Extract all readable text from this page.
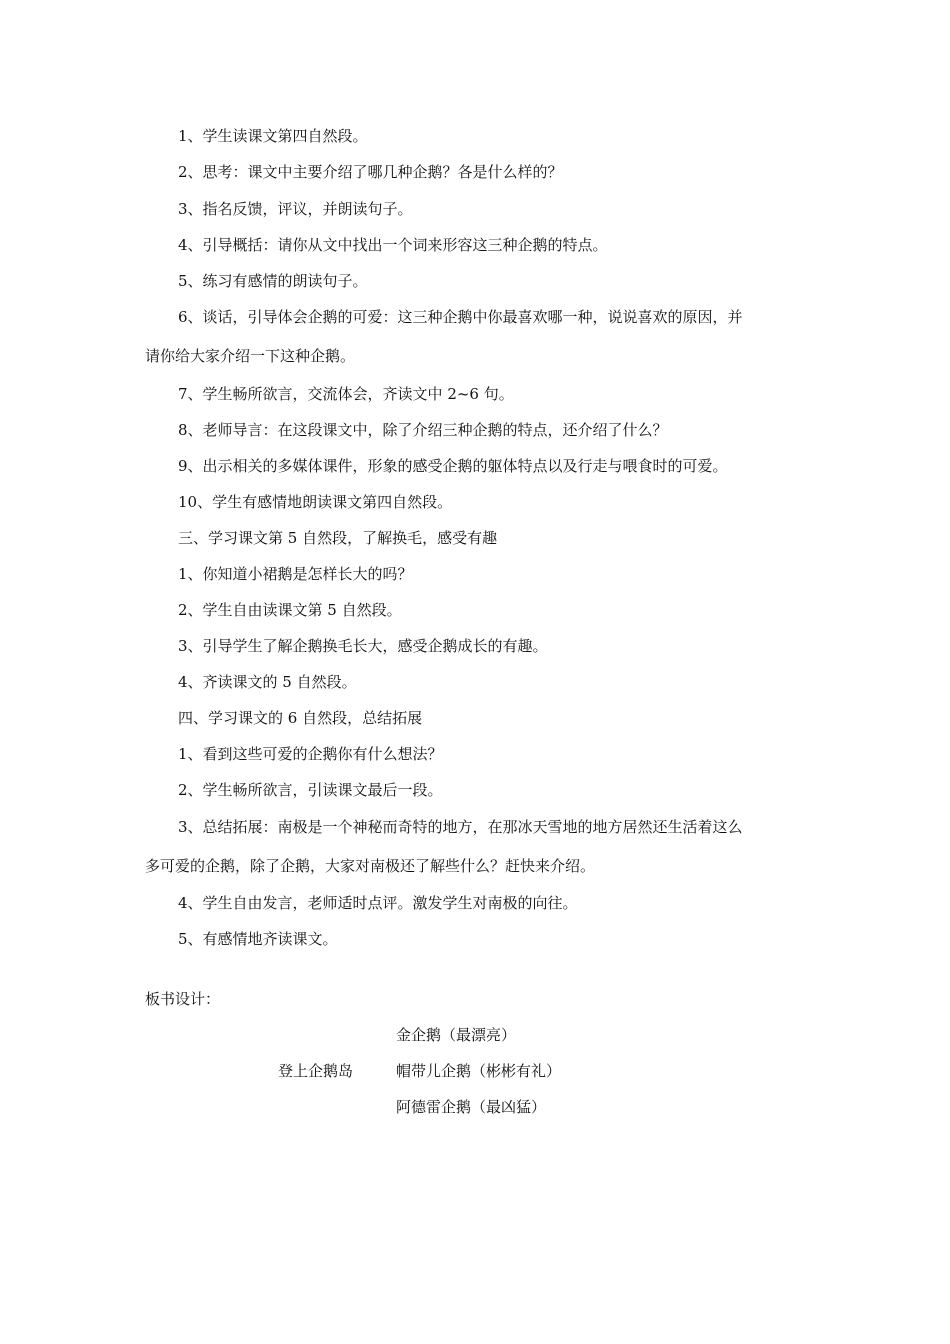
1、学生读课文第四自然段。
2、思考：课文中主要介绍了哪几种企鹅？各是什么样的？
3、指名反馈，评议，并朗读句子。
4、引导概括：请你从文中找出一个词来形容这三种企鹅的特点。
5、练习有感情的朗读句子。
6、谈话，引导体会企鹅的可爱：这三种企鹅中你最喜欢哪一种，说说喜欢的原因，并
请你给大家介绍一下这种企鹅。
7、学生畅所欲言，交流体会，齐读文中 2~6 句。
8、老师导言：在这段课文中，除了介绍三种企鹅的特点，还介绍了什么？
9、出示相关的多媒体课件，形象的感受企鹅的躯体特点以及行走与喂食时的可爱。
10、学生有感情地朗读课文第四自然段。
三、学习课文第 5 自然段，了解换毛，感受有趣
1、你知道小裙鹅是怎样长大的吗？
2、学生自由读课文第 5 自然段。
3、引导学生了解企鹅换毛长大，感受企鹅成长的有趣。
4、齐读课文的 5 自然段。
四、学习课文的 6 自然段，总结拓展
1、看到这些可爱的企鹅你有什么想法？
2、学生畅所欲言，引读课文最后一段。
3、总结拓展：南极是一个神秘而奇特的地方，在那冰天雪地的地方居然还生活着这么
多可爱的企鹅，除了企鹅，大家对南极还了解些什么？赶快来介绍。
4、学生自由发言，老师适时点评。激发学生对南极的向往。
5、有感情地齐读课文。
板书设计：
金企鹅（最漂亮）
登上企鹅岛	帽带儿企鹅（彬彬有礼）
阿德雷企鹅（最凶猛）
